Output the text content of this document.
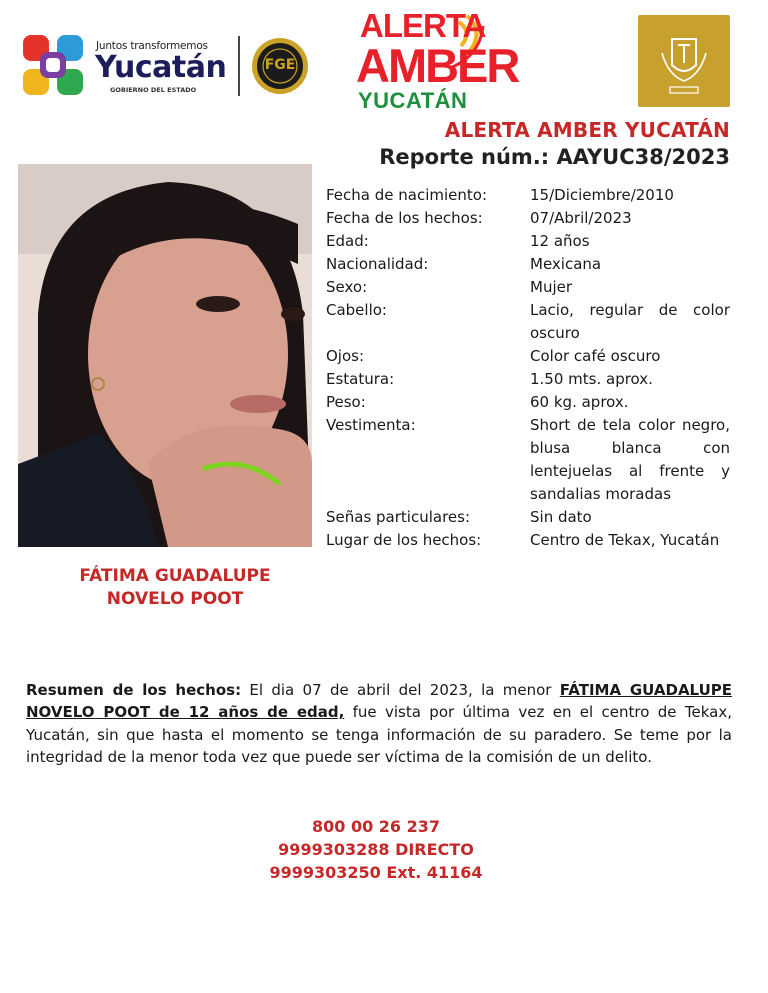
Juntos transformemos
Yucatán
GOBIERNO DEL ESTADO
FGE
ALERTA
AMBER
YUCATÁN
ALERTA AMBER YUCATÁN
Reporte núm.: AAYUC38/2023
FÁTIMA GUADALUPE
NOVELO POOT
Fecha de nacimiento:	15/Diciembre/2010
Fecha de los hechos:	07/Abril/2023
Edad:	12 años
Nacionalidad:	Mexicana
Sexo:	Mujer
Cabello:	Lacio, regular de color oscuro
Ojos:	Color café oscuro
Estatura:	1.50 mts. aprox.
Peso:	60 kg. aprox.
Vestimenta:	Short de tela color negro, blusa blanca con lentejuelas al frente y sandalias moradas
Señas particulares:	Sin dato
Lugar de los hechos:	Centro de Tekax, Yucatán
Resumen de los hechos: El dia 07 de abril del 2023, la menor FÁTIMA GUADALUPE NOVELO POOT de 12 años de edad, fue vista por última vez en el centro de Tekax, Yucatán, sin que hasta el momento se tenga información de su paradero. Se teme por la integridad de la menor toda vez que puede ser víctima de la comisión de un delito.
800 00 26 237
9999303288 DIRECTO
9999303250 Ext. 41164
